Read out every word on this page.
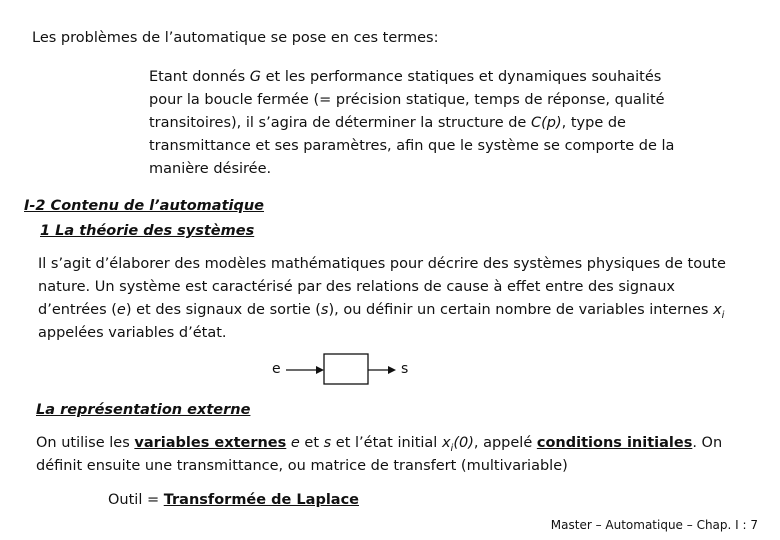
Les problèmes de l’automatique se pose en ces termes:

Etant donnés G et les performance statiques et dynamiques souhaités pour la boucle fermée (= précision statique, temps de réponse, qualité transitoires), il s’agira de déterminer la structure de C(p), type de transmittance et ses paramètres, afin que le système se comporte de la manière désirée.

I-2 Contenu de l’automatique

1 La théorie des systèmes

Il s’agit d’élaborer des modèles mathématiques pour décrire des systèmes physiques de toute nature. Un système est caractérisé par des relations de cause à effet entre des signaux d’entrées (e) et des signaux de sortie (s), ou définir un certain nombre de variables internes $x_i$ appelées variables d’état.

e	s

La représentation externe

On utilise les variables externes e et s et l’état initial $x_i(0)$, appelé conditions initiales. On définit ensuite une transmittance, ou matrice de transfert (multivariable)

Outil = Transformée de Laplace

Master – Automatique – Chap. I : 7
